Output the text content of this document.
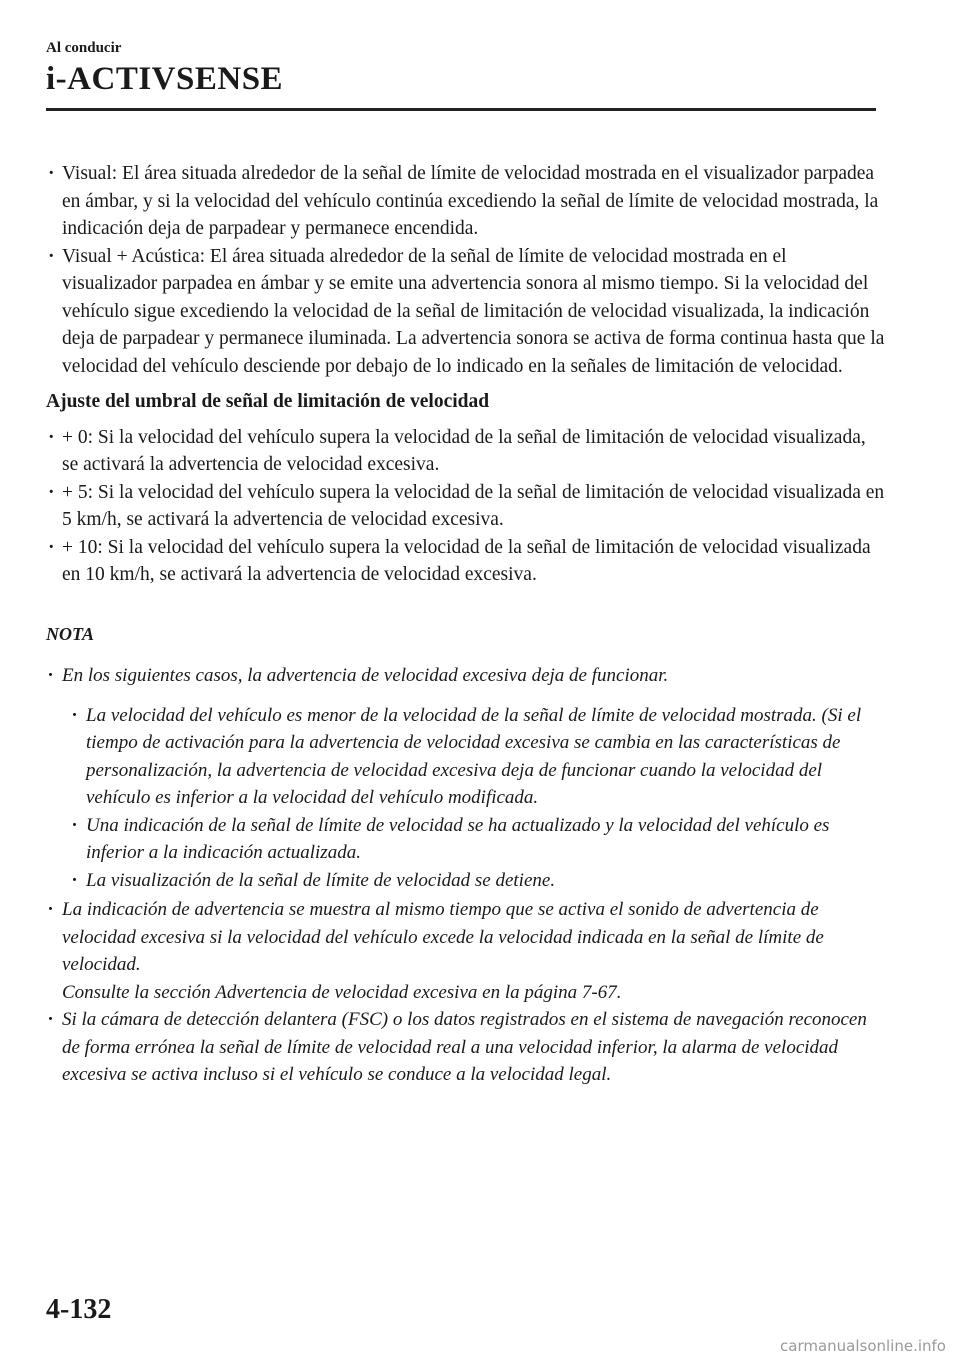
Al conducir
i-ACTIVSENSE
· Visual: El área situada alrededor de la señal de límite de velocidad mostrada en el visualizador parpadea en ámbar, y si la velocidad del vehículo continúa excediendo la señal de límite de velocidad mostrada, la indicación deja de parpadear y permanece encendida.
· Visual + Acústica: El área situada alrededor de la señal de límite de velocidad mostrada en el visualizador parpadea en ámbar y se emite una advertencia sonora al mismo tiempo. Si la velocidad del vehículo sigue excediendo la velocidad de la señal de limitación de velocidad visualizada, la indicación deja de parpadear y permanece iluminada. La advertencia sonora se activa de forma continua hasta que la velocidad del vehículo desciende por debajo de lo indicado en la señales de limitación de velocidad.
Ajuste del umbral de señal de limitación de velocidad
· + 0: Si la velocidad del vehículo supera la velocidad de la señal de limitación de velocidad visualizada, se activará la advertencia de velocidad excesiva.
· + 5: Si la velocidad del vehículo supera la velocidad de la señal de limitación de velocidad visualizada en 5 km/h, se activará la advertencia de velocidad excesiva.
· + 10: Si la velocidad del vehículo supera la velocidad de la señal de limitación de velocidad visualizada en 10 km/h, se activará la advertencia de velocidad excesiva.
NOTA
· En los siguientes casos, la advertencia de velocidad excesiva deja de funcionar.
· La velocidad del vehículo es menor de la velocidad de la señal de límite de velocidad mostrada. (Si el tiempo de activación para la advertencia de velocidad excesiva se cambia en las características de personalización, la advertencia de velocidad excesiva deja de funcionar cuando la velocidad del vehículo es inferior a la velocidad del vehículo modificada.
· Una indicación de la señal de límite de velocidad se ha actualizado y la velocidad del vehículo es inferior a la indicación actualizada.
· La visualización de la señal de límite de velocidad se detiene.
· La indicación de advertencia se muestra al mismo tiempo que se activa el sonido de advertencia de velocidad excesiva si la velocidad del vehículo excede la velocidad indicada en la señal de límite de velocidad.
Consulte la sección Advertencia de velocidad excesiva en la página 7-67.
· Si la cámara de detección delantera (FSC) o los datos registrados en el sistema de navegación reconocen de forma errónea la señal de límite de velocidad real a una velocidad inferior, la alarma de velocidad excesiva se activa incluso si el vehículo se conduce a la velocidad legal.
4-132
carmanualsonline.info
